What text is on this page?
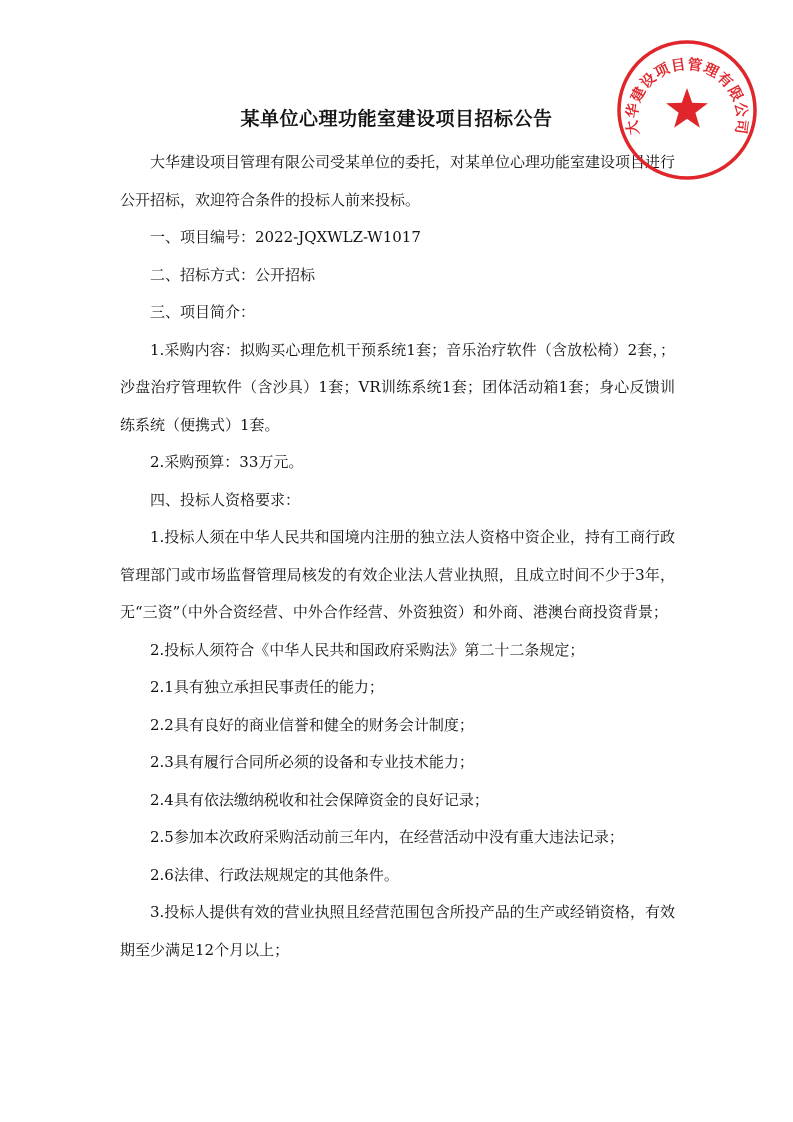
某单位心理功能室建设项目招标公告

大华建设项目管理有限公司受某单位的委托，对某单位心理功能室建设项目进行公开招标，欢迎符合条件的投标人前来投标。

一、项目编号：2022-JQXWLZ-W1017

二、招标方式：公开招标

三、项目简介：

1.采购内容：拟购买心理危机干预系统1套；音乐治疗软件（含放松椅）2套，；沙盘治疗管理软件（含沙具）1套；VR训练系统1套；团体活动箱1套；身心反馈训练系统（便携式）1套。

2.采购预算：33万元。

四、投标人资格要求：

1.投标人须在中华人民共和国境内注册的独立法人资格中资企业，持有工商行政管理部门或市场监督管理局核发的有效企业法人营业执照，且成立时间不少于3年，无“三资”（中外合资经营、中外合作经营、外资独资）和外商、港澳台商投资背景；

2.投标人须符合《中华人民共和国政府采购法》第二十二条规定；

2.1具有独立承担民事责任的能力；

2.2具有良好的商业信誉和健全的财务会计制度；

2.3具有履行合同所必须的设备和专业技术能力；

2.4具有依法缴纳税收和社会保障资金的良好记录；

2.5参加本次政府采购活动前三年内，在经营活动中没有重大违法记录；

2.6法律、行政法规规定的其他条件。

3.投标人提供有效的营业执照且经营范围包含所投产品的生产或经销资格，有效期至少满足12个月以上；

大华建设项目管理有限公司
